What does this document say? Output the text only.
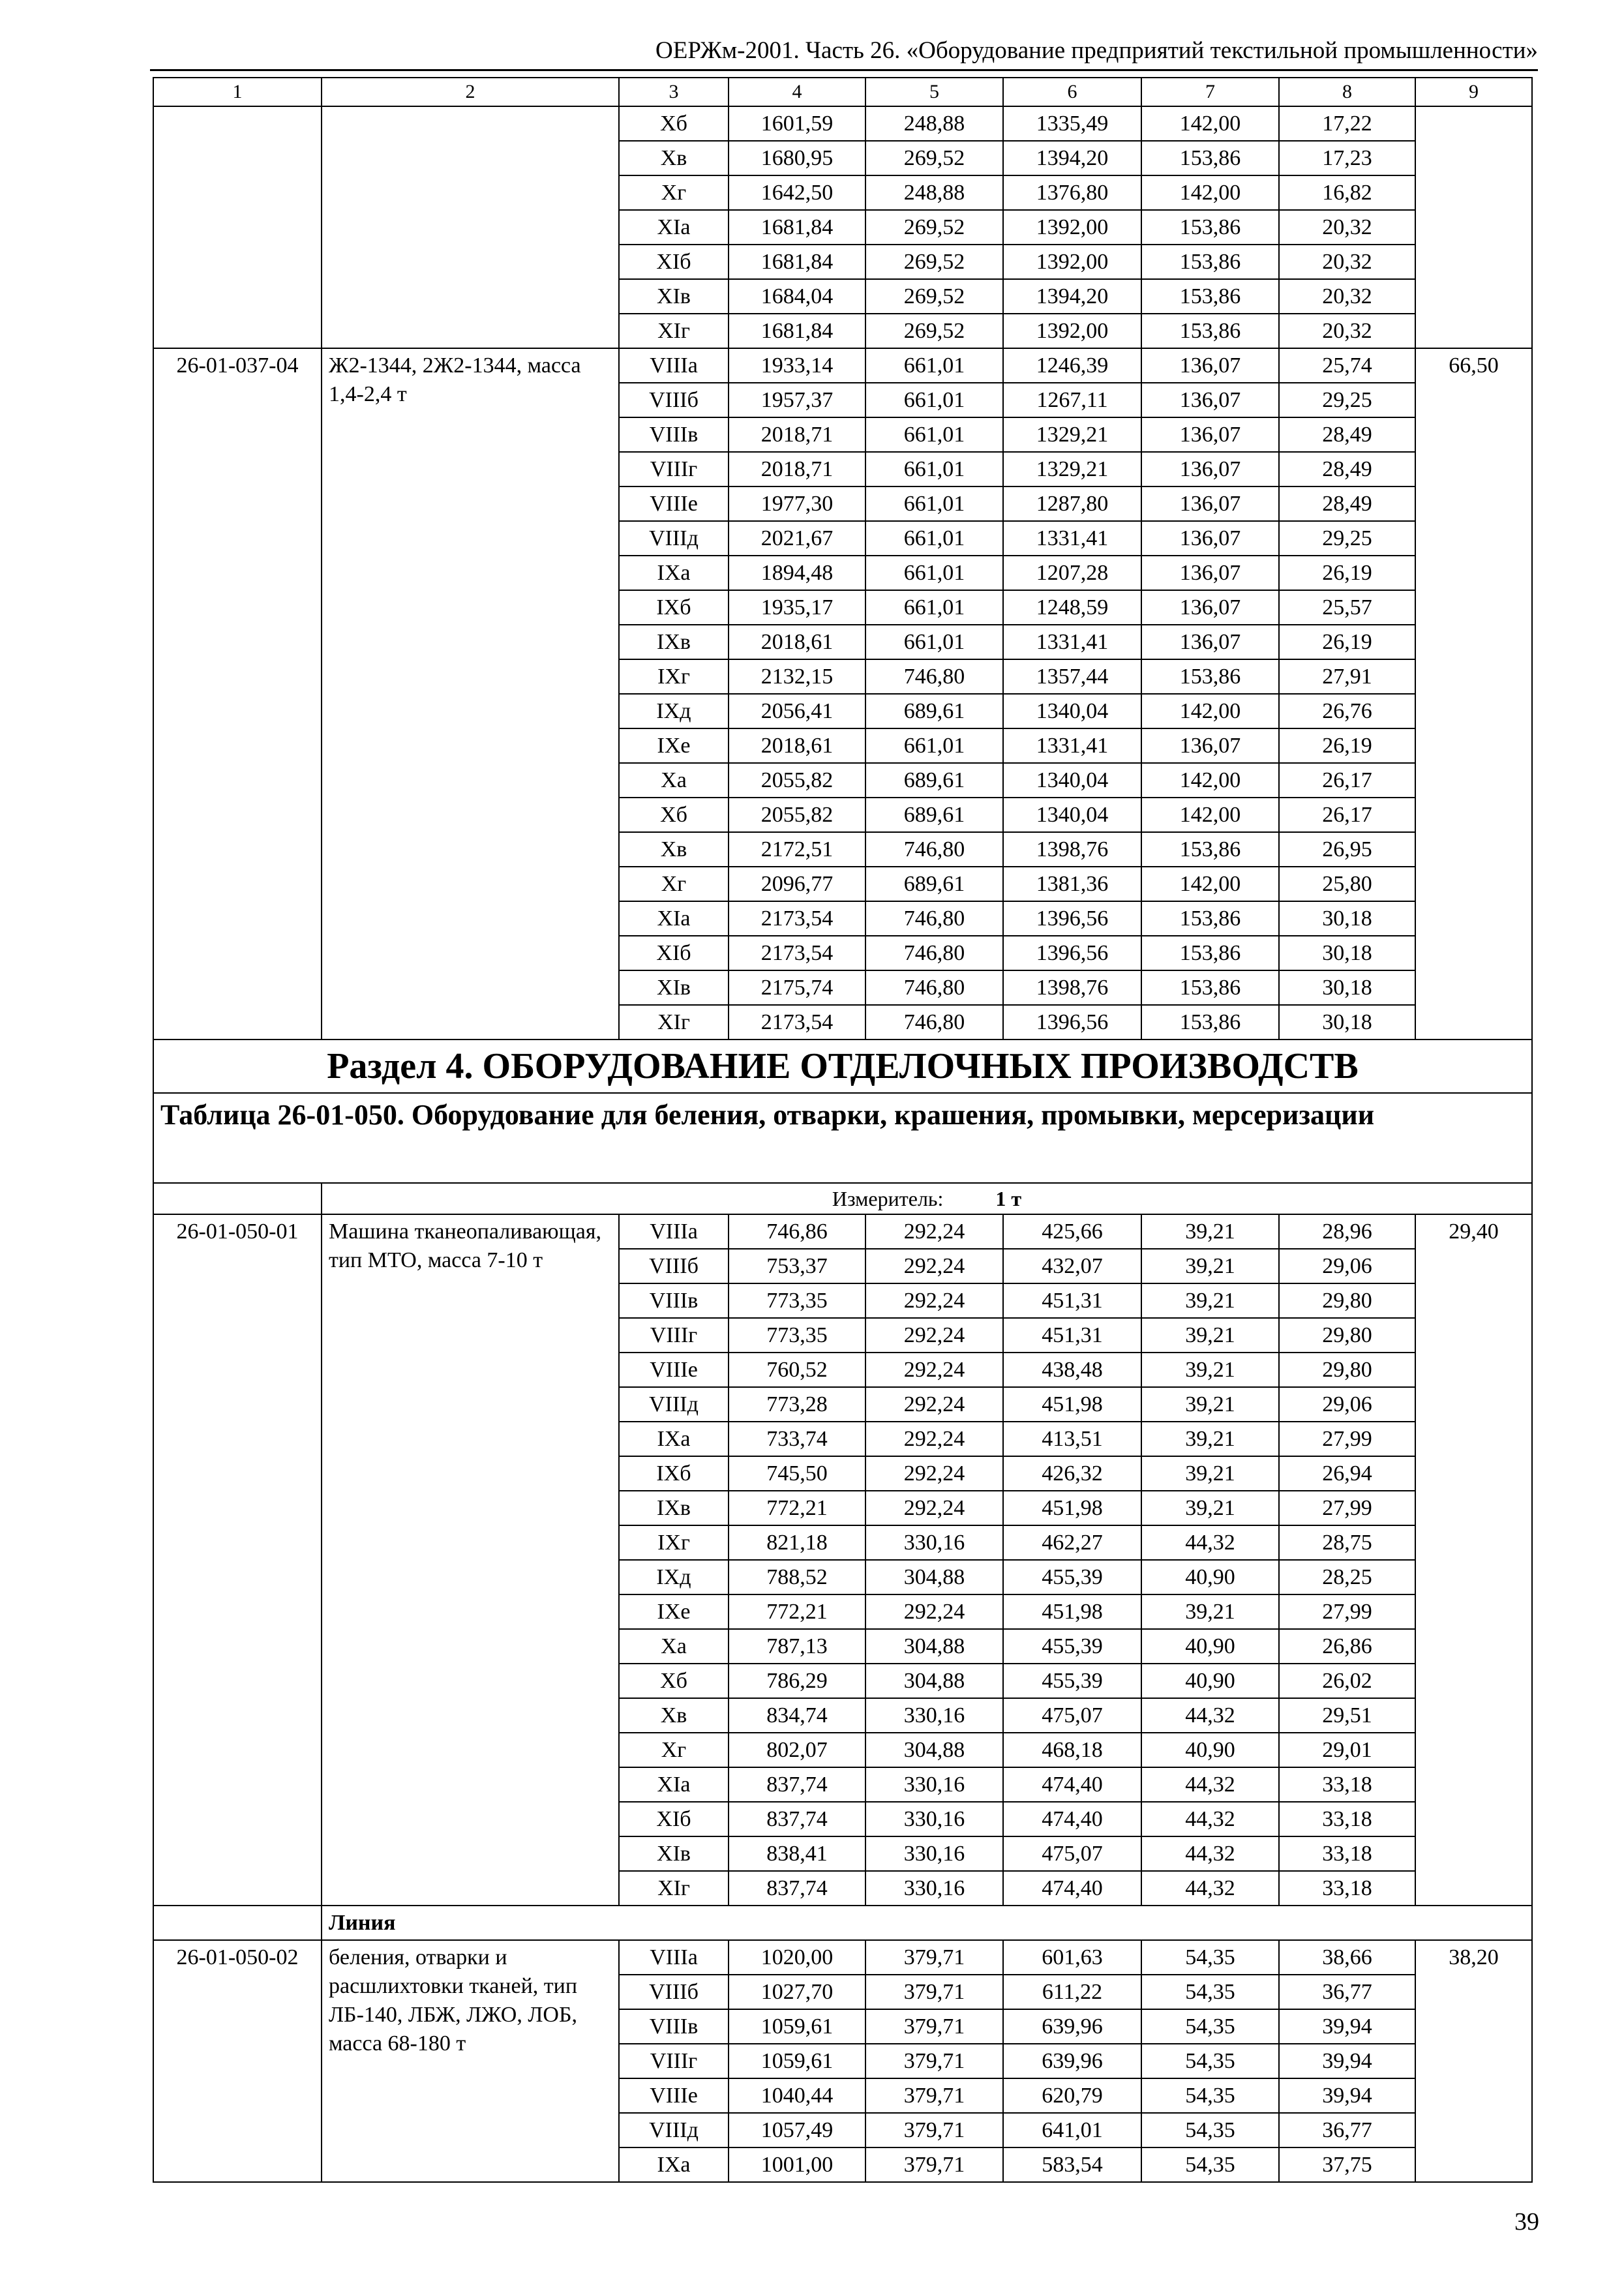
ОЕРЖм-2001. Часть 26. «Оборудование предприятий текстильной промышленности»
1	2	3	4	5	6	7	8	9
		Xб	1601,59	248,88	1335,49	142,00	17,22	
		Xв	1680,95	269,52	1394,20	153,86	17,23	
		Xг	1642,50	248,88	1376,80	142,00	16,82	
		XIа	1681,84	269,52	1392,00	153,86	20,32	
		XIб	1681,84	269,52	1392,00	153,86	20,32	
		XIв	1684,04	269,52	1394,20	153,86	20,32	
		XIг	1681,84	269,52	1392,00	153,86	20,32	
26-01-037-04	Ж2-1344, 2Ж2-1344, масса 1,4-2,4 т	VIIIа	1933,14	661,01	1246,39	136,07	25,74	66,50
		VIIIб	1957,37	661,01	1267,11	136,07	29,25	
		VIIIв	2018,71	661,01	1329,21	136,07	28,49	
		VIIIг	2018,71	661,01	1329,21	136,07	28,49	
		VIIIе	1977,30	661,01	1287,80	136,07	28,49	
		VIIIд	2021,67	661,01	1331,41	136,07	29,25	
		IXа	1894,48	661,01	1207,28	136,07	26,19	
		IXб	1935,17	661,01	1248,59	136,07	25,57	
		IXв	2018,61	661,01	1331,41	136,07	26,19	
		IXг	2132,15	746,80	1357,44	153,86	27,91	
		IXд	2056,41	689,61	1340,04	142,00	26,76	
		IXе	2018,61	661,01	1331,41	136,07	26,19	
		Xа	2055,82	689,61	1340,04	142,00	26,17	
		Xб	2055,82	689,61	1340,04	142,00	26,17	
		Xв	2172,51	746,80	1398,76	153,86	26,95	
		Xг	2096,77	689,61	1381,36	142,00	25,80	
		XIа	2173,54	746,80	1396,56	153,86	30,18	
		XIб	2173,54	746,80	1396,56	153,86	30,18	
		XIв	2175,74	746,80	1398,76	153,86	30,18	
		XIг	2173,54	746,80	1396,56	153,86	30,18	
Раздел 4. ОБОРУДОВАНИЕ ОТДЕЛОЧНЫХ ПРОИЗВОДСТВ								
Таблица 26-01-050. Оборудование для беления, отварки, крашения, промывки, мерсеризации								
	Измеритель: 1 т							
26-01-050-01	Машина тканеопаливающая, тип МТО, масса 7-10 т	VIIIа	746,86	292,24	425,66	39,21	28,96	29,40
		VIIIб	753,37	292,24	432,07	39,21	29,06	
		VIIIв	773,35	292,24	451,31	39,21	29,80	
		VIIIг	773,35	292,24	451,31	39,21	29,80	
		VIIIе	760,52	292,24	438,48	39,21	29,80	
		VIIIд	773,28	292,24	451,98	39,21	29,06	
		IXа	733,74	292,24	413,51	39,21	27,99	
		IXб	745,50	292,24	426,32	39,21	26,94	
		IXв	772,21	292,24	451,98	39,21	27,99	
		IXг	821,18	330,16	462,27	44,32	28,75	
		IXд	788,52	304,88	455,39	40,90	28,25	
		IXе	772,21	292,24	451,98	39,21	27,99	
		Xа	787,13	304,88	455,39	40,90	26,86	
		Xб	786,29	304,88	455,39	40,90	26,02	
		Xв	834,74	330,16	475,07	44,32	29,51	
		Xг	802,07	304,88	468,18	40,90	29,01	
		XIа	837,74	330,16	474,40	44,32	33,18	
		XIб	837,74	330,16	474,40	44,32	33,18	
		XIв	838,41	330,16	475,07	44,32	33,18	
		XIг	837,74	330,16	474,40	44,32	33,18	
	Линия							
26-01-050-02	беления, отварки и расшлихтовки тканей, тип ЛБ-140, ЛБЖ, ЛЖО, ЛОБ, масса 68-180 т	VIIIа	1020,00	379,71	601,63	54,35	38,66	38,20
		VIIIб	1027,70	379,71	611,22	54,35	36,77	
		VIIIв	1059,61	379,71	639,96	54,35	39,94	
		VIIIг	1059,61	379,71	639,96	54,35	39,94	
		VIIIе	1040,44	379,71	620,79	54,35	39,94	
		VIIIд	1057,49	379,71	641,01	54,35	36,77	
		IXа	1001,00	379,71	583,54	54,35	37,75	
39
